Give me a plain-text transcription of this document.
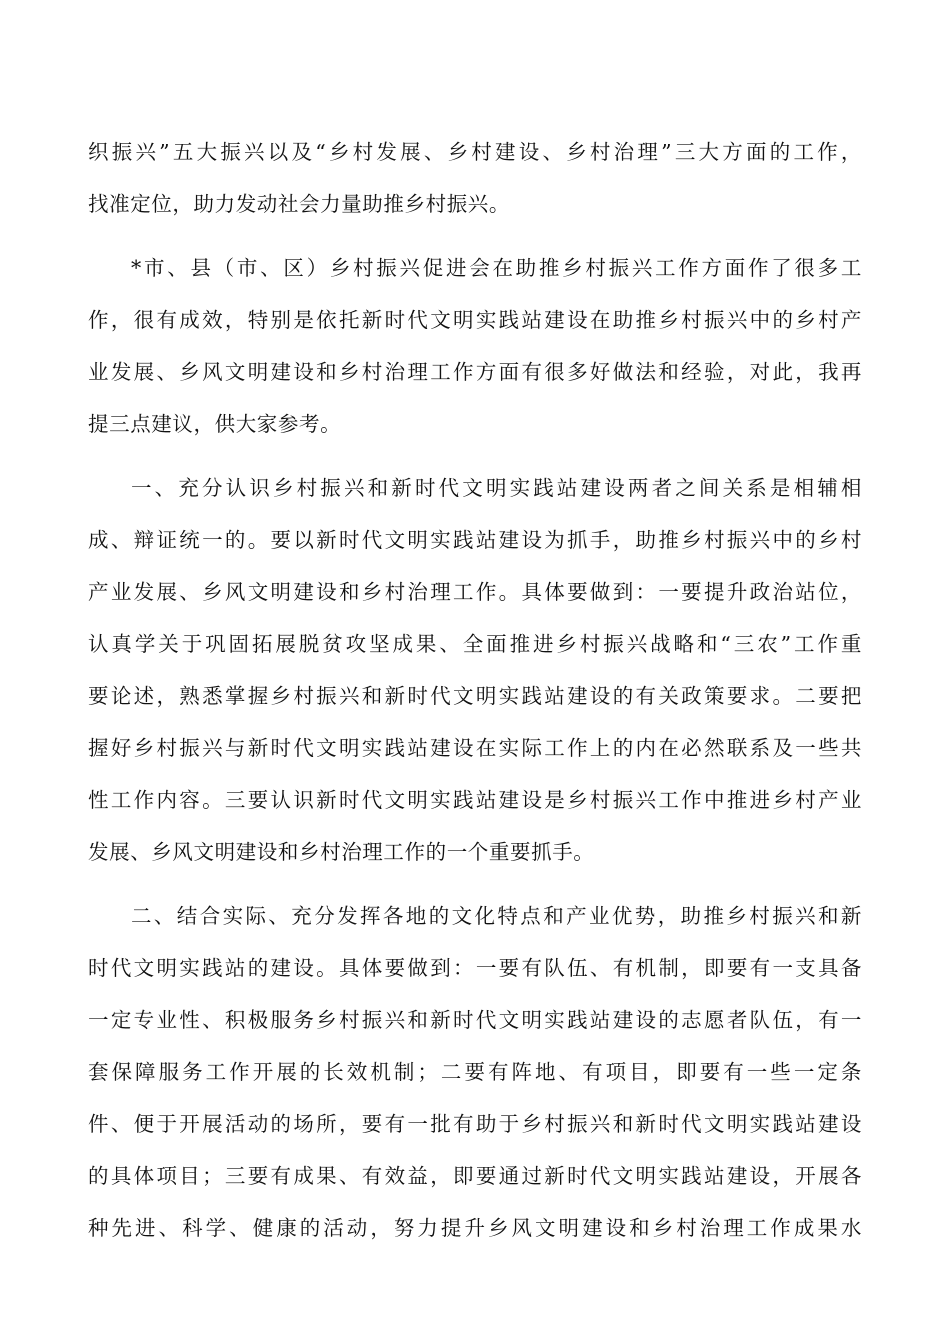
织振兴”五大振兴以及“乡村发展、乡村建设、乡村治理”三大方面的工作，
找准定位，助力发动社会力量助推乡村振兴。
*市、县（市、区）乡村振兴促进会在助推乡村振兴工作方面作了很多工
作，很有成效，特别是依托新时代文明实践站建设在助推乡村振兴中的乡村产
业发展、乡风文明建设和乡村治理工作方面有很多好做法和经验，对此，我再
提三点建议，供大家参考。
一、充分认识乡村振兴和新时代文明实践站建设两者之间关系是相辅相
成、辩证统一的。要以新时代文明实践站建设为抓手，助推乡村振兴中的乡村
产业发展、乡风文明建设和乡村治理工作。具体要做到：一要提升政治站位，
认真学关于巩固拓展脱贫攻坚成果、全面推进乡村振兴战略和“三农”工作重
要论述，熟悉掌握乡村振兴和新时代文明实践站建设的有关政策要求。二要把
握好乡村振兴与新时代文明实践站建设在实际工作上的内在必然联系及一些共
性工作内容。三要认识新时代文明实践站建设是乡村振兴工作中推进乡村产业
发展、乡风文明建设和乡村治理工作的一个重要抓手。
二、结合实际、充分发挥各地的文化特点和产业优势，助推乡村振兴和新
时代文明实践站的建设。具体要做到：一要有队伍、有机制，即要有一支具备
一定专业性、积极服务乡村振兴和新时代文明实践站建设的志愿者队伍，有一
套保障服务工作开展的长效机制；二要有阵地、有项目，即要有一些一定条
件、便于开展活动的场所，要有一批有助于乡村振兴和新时代文明实践站建设
的具体项目；三要有成果、有效益，即要通过新时代文明实践站建设，开展各
种先进、科学、健康的活动，努力提升乡风文明建设和乡村治理工作成果水
